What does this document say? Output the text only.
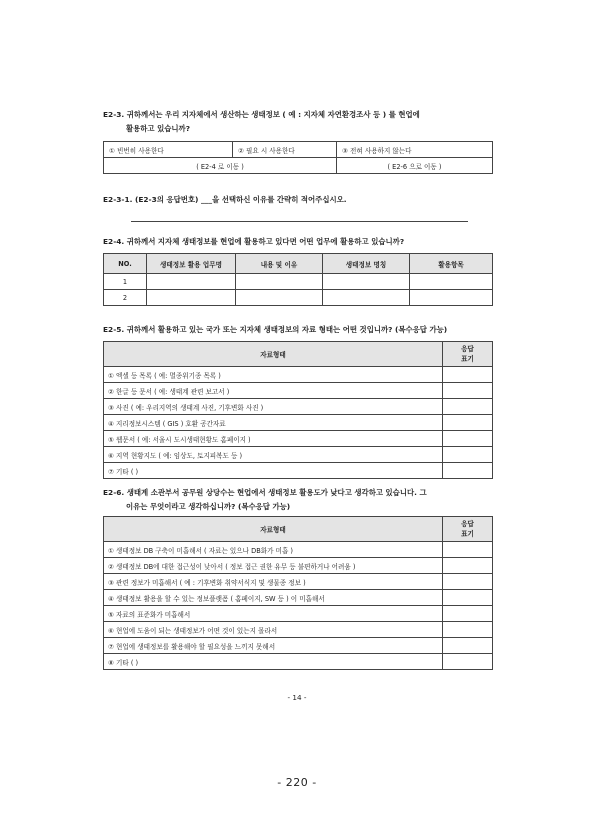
E2-3. 귀하께서는 우리 지자체에서 생산하는 생태정보 ( 예 : 지자체 자연환경조사 등 ) 를 현업에
활용하고 있습니까?
① 빈번히 사용한다	② 필요 시 사용한다	③ 전혀 사용하지 않는다
( E2-4 로 이동 )		( E2-6 으로 이동 )
E2-3-1. (E2-3의 응답번호) ___을 선택하신 이유를 간략히 적어주십시오.
E2-4. 귀하께서 지자체 생태정보를 현업에 활용하고 있다면 어떤 업무에 활용하고 있습니까?
NO.	생태정보 활용 업무명	내용 및 이유	생태정보 명칭	활용항목
1				
2				
E2-5. 귀하께서 활용하고 있는 국가 또는 지자체 생태정보의 자료 형태는 어떤 것입니까? (복수응답 가능)
자료형태	응답
표기

① 엑셀 등 목록 ( 예: 멸종위기종 목록 )	
② 한글 등 문서 ( 예: 생태계 관련 보고서 )	
③ 사진 ( 예: 우리지역의 생태계 사진, 기후변화 사진 )	
④ 지리정보시스템 ( GIS ) 호환 공간자료	
⑤ 웹문서 ( 예: 서울시 도시생태현황도 홈페이지 )	
⑥ 지역 현황지도 ( 예: 임상도, 토지피복도 등 )	
⑦ 기타 ( )	
E2-6. 생태계 소관부서 공무원 상당수는 현업에서 생태정보 활용도가 낮다고 생각하고 있습니다. 그
이유는 무엇이라고 생각하십니까? (복수응답 가능)
자료형태	응답
표기

① 생태정보 DB 구축이 미흡해서 ( 자료는 있으나 DB화가 미흡 )	
② 생태정보 DB에 대한 접근성이 낮아서 ( 정보 접근 권한 유무 등 불편하거나 어려움 )	
③ 관련 정보가 미흡해서 ( 예 : 기후변화 취약서식지 및 생물종 정보 )	
④ 생태정보 활용을 할 수 있는 정보플랫폼 ( 홈페이지, SW 등 ) 이 미흡해서	
⑤ 자료의 표준화가 미흡해서	
⑥ 현업에 도움이 되는 생태정보가 어떤 것이 있는지 몰라서	
⑦ 현업에 생태정보를 활용해야 할 필요성을 느끼지 못해서	
⑧ 기타 ( )	
- 14 -
- 220 -
